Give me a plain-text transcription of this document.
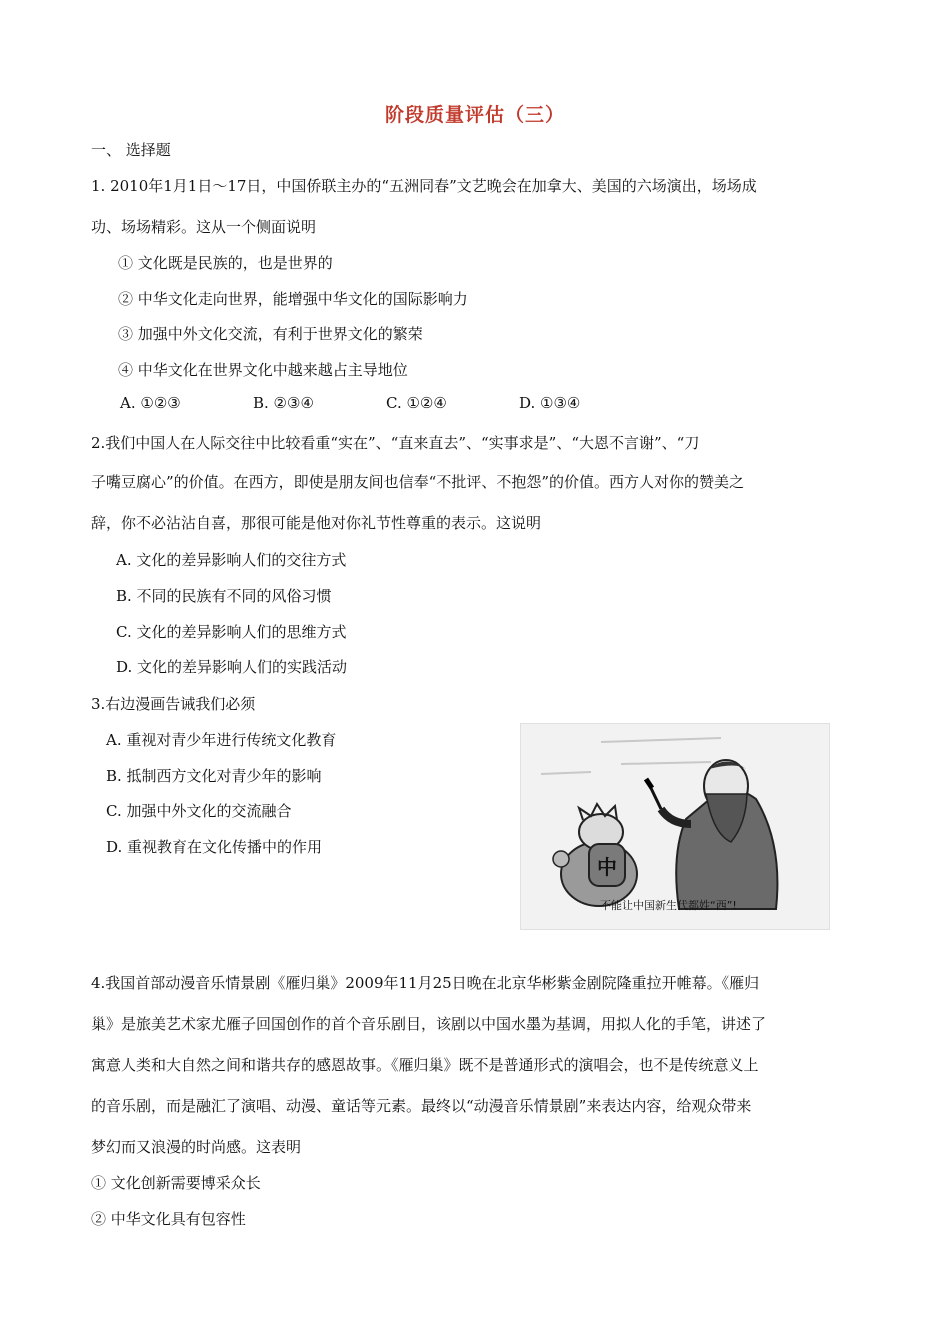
阶段质量评估（三）
一、 选择题
1. 2010年1月1日～17日，中国侨联主办的“五洲同春”文艺晚会在加拿大、美国的六场演出，场场成
功、场场精彩。这从一个侧面说明
① 文化既是民族的，也是世界的
② 中华文化走向世界，能增强中华文化的国际影响力
③ 加强中外文化交流，有利于世界文化的繁荣
④ 中华文化在世界文化中越来越占主导地位
A. ①②③	B. ②③④	C. ①②④	D. ①③④
2.我们中国人在人际交往中比较看重“实在”、“直来直去”、“实事求是”、“大恩不言谢”、“刀
子嘴豆腐心”的价值。在西方，即使是朋友间也信奉“不批评、不抱怨”的价值。西方人对你的赞美之
辞，你不必沾沾自喜，那很可能是他对你礼节性尊重的表示。这说明
A. 文化的差异影响人们的交往方式
B. 不同的民族有不同的风俗习惯
C. 文化的差异影响人们的思维方式
D. 文化的差异影响人们的实践活动
3.右边漫画告诫我们必须
A. 重视对青少年进行传统文化教育
B. 抵制西方文化对青少年的影响
C. 加强中外文化的交流融合
D. 重视教育在文化传播中的作用
中
不能让中国新生代都姓“西”!
4.我国首部动漫音乐情景剧《雁归巢》2009年11月25日晚在北京华彬紫金剧院隆重拉开帷幕。《雁归
巢》是旅美艺术家尤雁子回国创作的首个音乐剧目，该剧以中国水墨为基调，用拟人化的手笔，讲述了
寓意人类和大自然之间和谐共存的感恩故事。《雁归巢》既不是普通形式的演唱会，也不是传统意义上
的音乐剧，而是融汇了演唱、动漫、童话等元素。最终以“动漫音乐情景剧”来表达内容，给观众带来
梦幻而又浪漫的时尚感。这表明
① 文化创新需要博采众长
② 中华文化具有包容性
